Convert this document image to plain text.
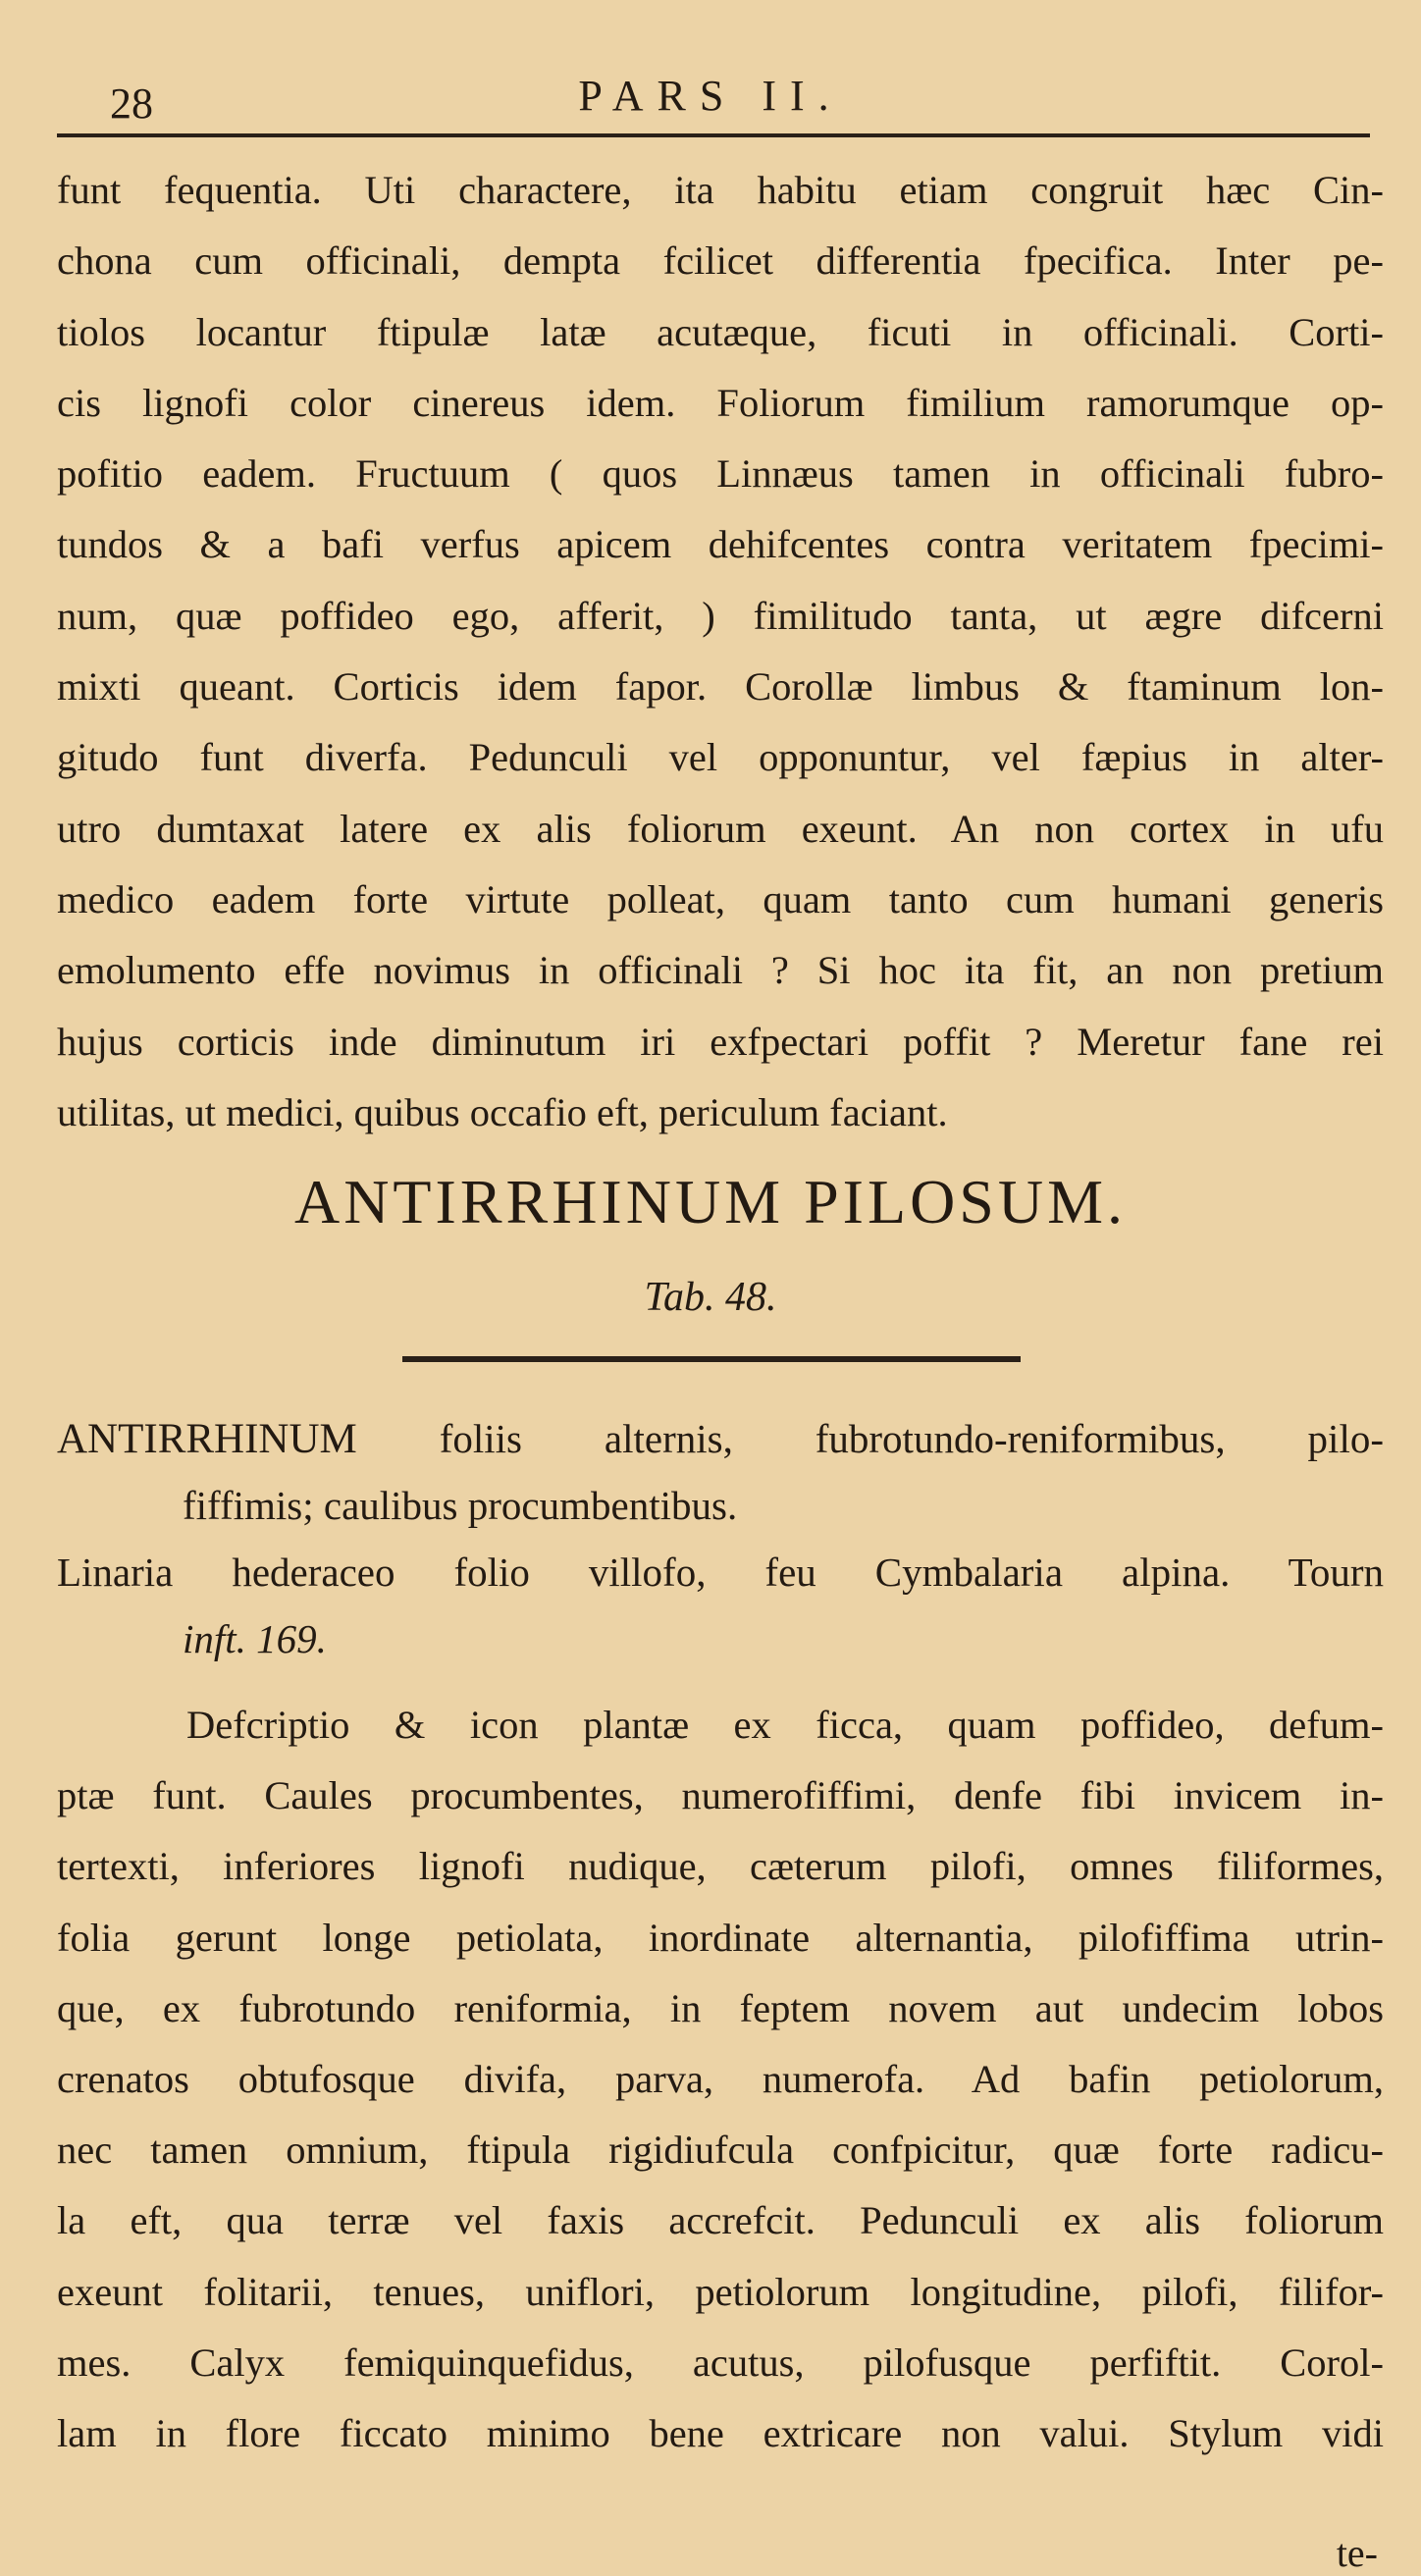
28	PARS II.
funt fequentia. Uti charactere, ita habitu etiam congruit hæc Cin-
chona cum officinali, dempta fcilicet differentia fpecifica. Inter pe-
tiolos locantur ftipulæ latæ acutæque, ficuti in officinali. Corti-
cis lignofi color cinereus idem. Foliorum fimilium ramorumque op-
pofitio eadem. Fructuum ( quos Linnæus tamen in officinali fubro-
tundos & a bafi verfus apicem dehifcentes contra veritatem fpecimi-
num, quæ poffideo ego, afferit, ) fimilitudo tanta, ut ægre difcerni
mixti queant. Corticis idem fapor. Corollæ limbus & ftaminum lon-
gitudo funt diverfa. Pedunculi vel opponuntur, vel fæpius in alter-
utro dumtaxat latere ex alis foliorum exeunt. An non cortex in ufu
medico eadem forte virtute polleat, quam tanto cum humani generis
emolumento effe novimus in officinali ? Si hoc ita fit, an non pretium
hujus corticis inde diminutum iri exfpectari poffit ? Meretur fane rei
utilitas, ut medici, quibus occafio eft, periculum faciant.
ANTIRRHINUM PILOSUM.
Tab. 48.
ANTIRRHINUM foliis alternis, fubrotundo-reniformibus, pilo-
fiffimis; caulibus procumbentibus.
Linaria hederaceo folio villofo, feu Cymbalaria alpina. Tourn
inft. 169.
Defcriptio & icon plantæ ex ficca, quam poffideo, defum-
ptæ funt. Caules procumbentes, numerofiffimi, denfe fibi invicem in-
tertexti, inferiores lignofi nudique, cæterum pilofi, omnes filiformes,
folia gerunt longe petiolata, inordinate alternantia, pilofiffima utrin-
que, ex fubrotundo reniformia, in feptem novem aut undecim lobos
crenatos obtufosque divifa, parva, numerofa. Ad bafin petiolorum,
nec tamen omnium, ftipula rigidiufcula confpicitur, quæ forte radicu-
la eft, qua terræ vel faxis accrefcit. Pedunculi ex alis foliorum
exeunt folitarii, tenues, uniflori, petiolorum longitudine, pilofi, filifor-
mes. Calyx femiquinquefidus, acutus, pilofusque perfiftit. Corol-
lam in flore ficcato minimo bene extricare non valui. Stylum vidi
te-
